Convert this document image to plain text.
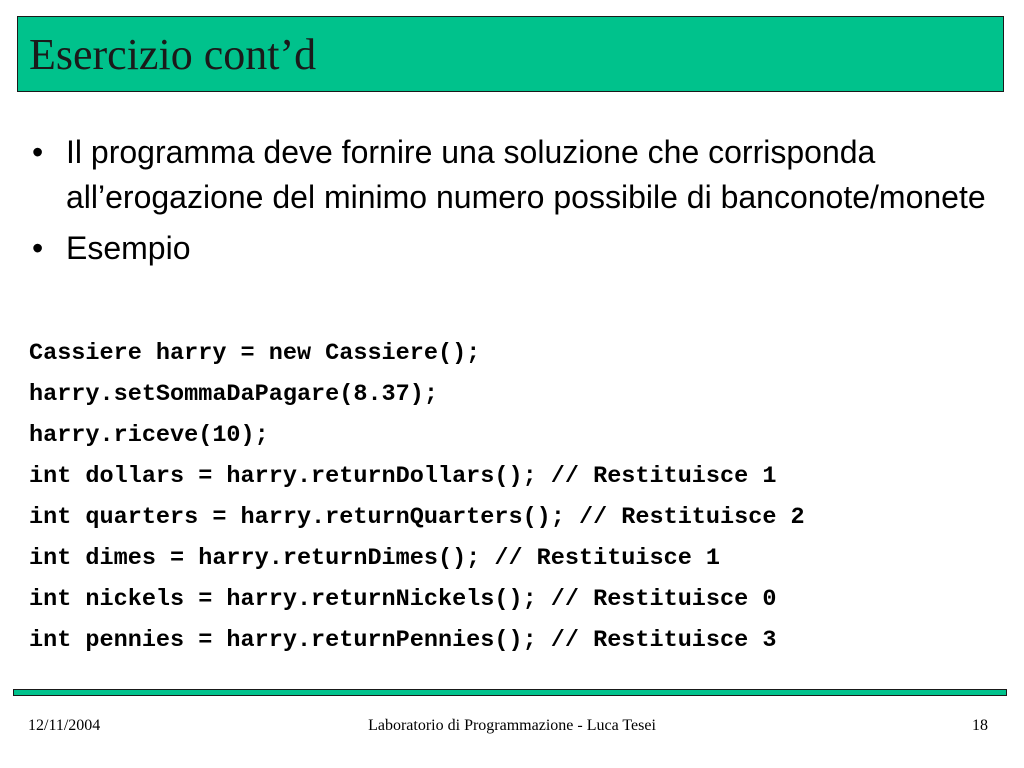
Esercizio cont’d
• Il programma deve fornire una soluzione che corrisponda all’erogazione del minimo numero possibile di banconote/monete
• Esempio
Cassiere harry = new Cassiere();
harry.setSommaDaPagare(8.37);
harry.riceve(10);
int dollars = harry.returnDollars(); // Restituisce 1
int quarters = harry.returnQuarters(); // Restituisce 2
int dimes = harry.returnDimes(); // Restituisce 1
int nickels = harry.returnNickels(); // Restituisce 0
int pennies = harry.returnPennies(); // Restituisce 3
12/11/2004	Laboratorio di Programmazione - Luca Tesei	18
